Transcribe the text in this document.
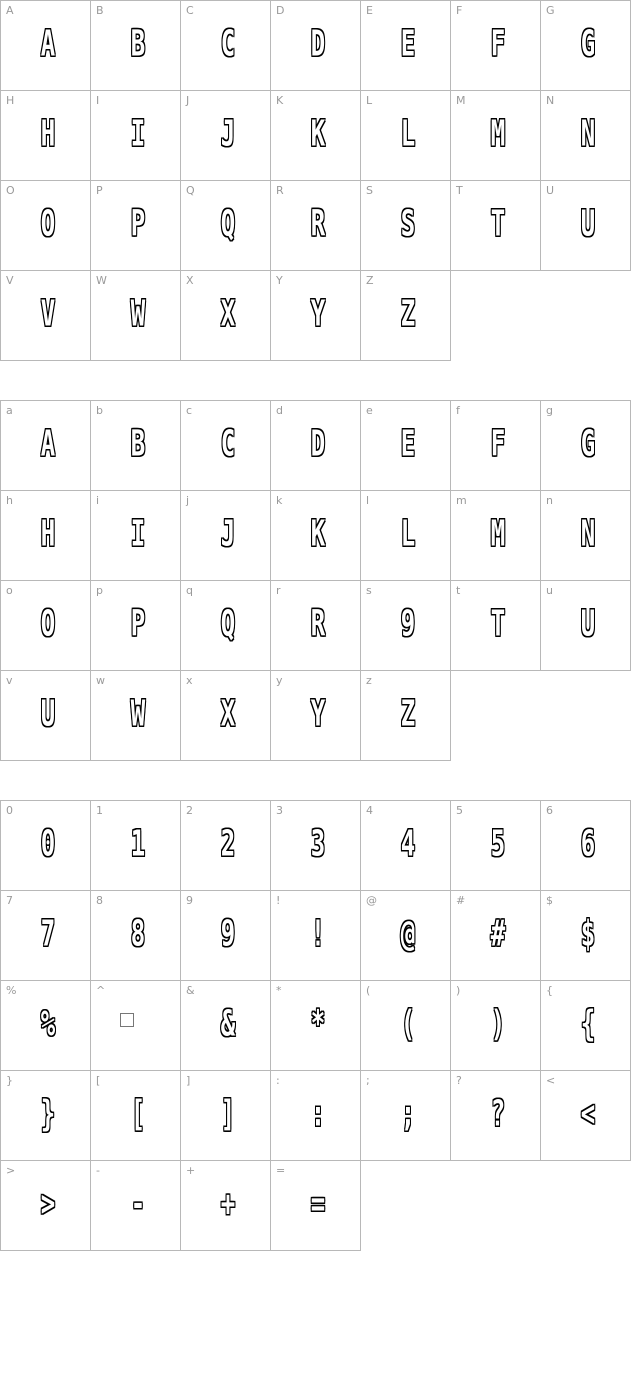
A
A
B
B
C
C
D
D
E
E
F
F
G
G
H
H
I
I
J
J
K
K
L
L
M
M
N
N
O
O
P
P
Q
Q
R
R
S
S
T
T
U
U
V
V
W
W
X
X
Y
Y
Z
Z
a
A
b
B
c
C
d
D
e
E
f
F
g
G
h
H
i
I
j
J
k
K
l
L
m
M
n
N
o
O
p
P
q
Q
r
R
s
9
t
T
u
U
v
U
w
W
x
X
y
Y
z
Z
0
0
1
1
2
2
3
3
4
4
5
5
6
6
7
7
8
8
9
9
!
!
@
@
#
#
$
$
%
%
^	&
&
*
*
(
(
)
)
{
{
}
}
[
[
]
]
:
:
;
;
?
?
<
<
>
>
-
-
+
+
=
=
